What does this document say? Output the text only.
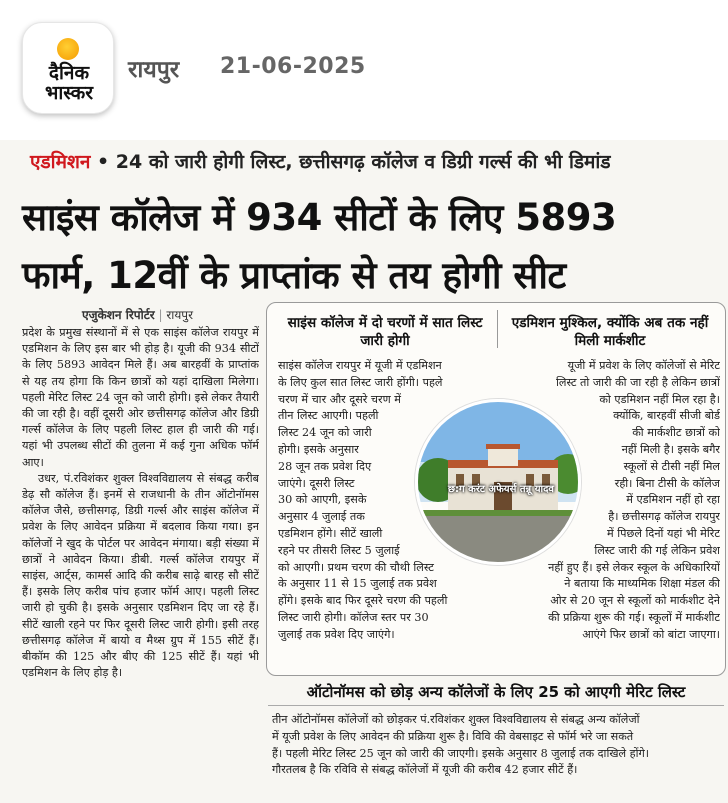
दैनिक
भास्कर
रायपुर 21-06-2025
एडमिशन • 24 को जारी होगी लिस्ट, छत्तीसगढ़ कॉलेज व डिग्री गर्ल्स की भी डिमांड
साइंस कॉलेज में 934 सीटों के लिए 5893
फार्म, 12वीं के प्राप्तांक से तय होगी सीट
एजुकेशन रिपोर्टर | रायपुर

प्रदेश के प्रमुख संस्थानों में से एक साइंस कॉलेज रायपुर में एडमिशन के लिए इस बार भी होड़ है। यूजी की 934 सीटों के लिए 5893 आवेदन मिले हैं। अब बारहवीं के प्राप्तांक से यह तय होगा कि किन छात्रों को यहां दाखिला मिलेगा। पहली मेरिट लिस्ट 24 जून को जारी होगी। इसे लेकर तैयारी की जा रही है। वहीं दूसरी ओर छत्तीसगढ़ कॉलेज और डिग्री गर्ल्स कॉलेज के लिए पहली लिस्ट हाल ही जारी की गई। यहां भी उपलब्ध सीटों की तुलना में कई गुना अधिक फॉर्म आए।

उधर, पं.रविशंकर शुक्ल विश्वविद्यालय से संबद्ध करीब डेढ़ सौ कॉलेज हैं। इनमें से राजधानी के तीन ऑटोनॉमस कॉलेज जैसे, छत्तीसगढ़, डिग्री गर्ल्स और साइंस कॉलेज में प्रवेश के लिए आवेदन प्रक्रिया में बदलाव किया गया। इन कॉलेजों ने खुद के पोर्टल पर आवेदन मंगाया। बड़ी संख्या में छात्रों ने आवेदन किया। डीबी. गर्ल्स कॉलेज रायपुर में साइंस, आर्ट्स, कामर्स आदि की करीब साढ़े बारह सौ सीटें हैं। इसके लिए करीब पांच हजार फॉर्म आए। पहली लिस्ट जारी हो चुकी है। इसके अनुसार एडमिशन दिए जा रहे हैं। सीटें खाली रहने पर फिर दूसरी लिस्ट जारी होगी। इसी तरह छत्तीसगढ़ कॉलेज में बायो व मैथ्स ग्रुप में 155 सीटें हैं। बीकॉम की 125 और बीए की 125 सीटें हैं। यहां भी एडमिशन के लिए होड़ है।

साइंस कॉलेज में दो चरणों में सात लिस्ट जारी होगी
एडमिशन मुश्किल, क्योंकि अब तक नहीं मिली मार्कशीट
साइंस कॉलेज रायपुर में यूजी में एडमिशन
के लिए कुल सात लिस्ट जारी होंगी। पहले
चरण में चार और दूसरे चरण में
तीन लिस्ट आएगी। पहली
लिस्ट 24 जून को जारी
होगी। इसके अनुसार
28 जून तक प्रवेश दिए
जाएंगे। दूसरी लिस्ट
30 को आएगी, इसके
अनुसार 4 जुलाई तक
एडमिशन होंगे। सीटें खाली
रहने पर तीसरी लिस्ट 5 जुलाई
को आएगी। प्रथम चरण की चौथी लिस्ट
के अनुसार 11 से 15 जुलाई तक प्रवेश
होंगे। इसके बाद फिर दूसरे चरण की पहली
लिस्ट जारी होगी। कॉलेज स्तर पर 30
जुलाई तक प्रवेश दिए जाएंगे।
यूजी में प्रवेश के लिए कॉलेजों से मेरिट
लिस्ट तो जारी की जा रही है लेकिन छात्रों
को एडमिशन नहीं मिल रहा है।
क्योंकि, बारहवीं सीजी बोर्ड
की मार्कशीट छात्रों को
नहीं मिली है। इसके बगैर
स्कूलों से टीसी नहीं मिल
रही। बिना टीसी के कॉलेज
में एडमिशन नहीं हो रहा
है। छत्तीसगढ़ कॉलेज रायपुर
में पिछले दिनों यहां भी मेरिट
लिस्ट जारी की गई लेकिन प्रवेश
नहीं हुए हैं। इसे लेकर स्कूल के अधिकारियों
ने बताया कि माध्यमिक शिक्षा मंडल की
ओर से 20 जून से स्कूलों को मार्कशीट देने
की प्रक्रिया शुरू की गई। स्कूलों में मार्कशीट
आएंगे फिर छात्रों को बांटा जाएगा।
छ:ग करंट अफेयर्स तन्नू यादव
ऑटोनॉमस को छोड़ अन्य कॉलेजों के लिए 25 को आएगी मेरिट लिस्ट
तीन ऑटोनॉमस कॉलेजों को छोड़कर पं.रविशंकर शुक्ल विश्वविद्यालय से संबद्ध अन्य कॉलेजों
में यूजी प्रवेश के लिए आवेदन की प्रक्रिया शुरू है। विवि की वेबसाइट से फॉर्म भरे जा सकते
हैं। पहली मेरिट लिस्ट 25 जून को जारी की जाएगी। इसके अनुसार 8 जुलाई तक दाखिले होंगे।
गौरतलब है कि रविवि से संबद्ध कॉलेजों में यूजी की करीब 42 हजार सीटें हैं।
